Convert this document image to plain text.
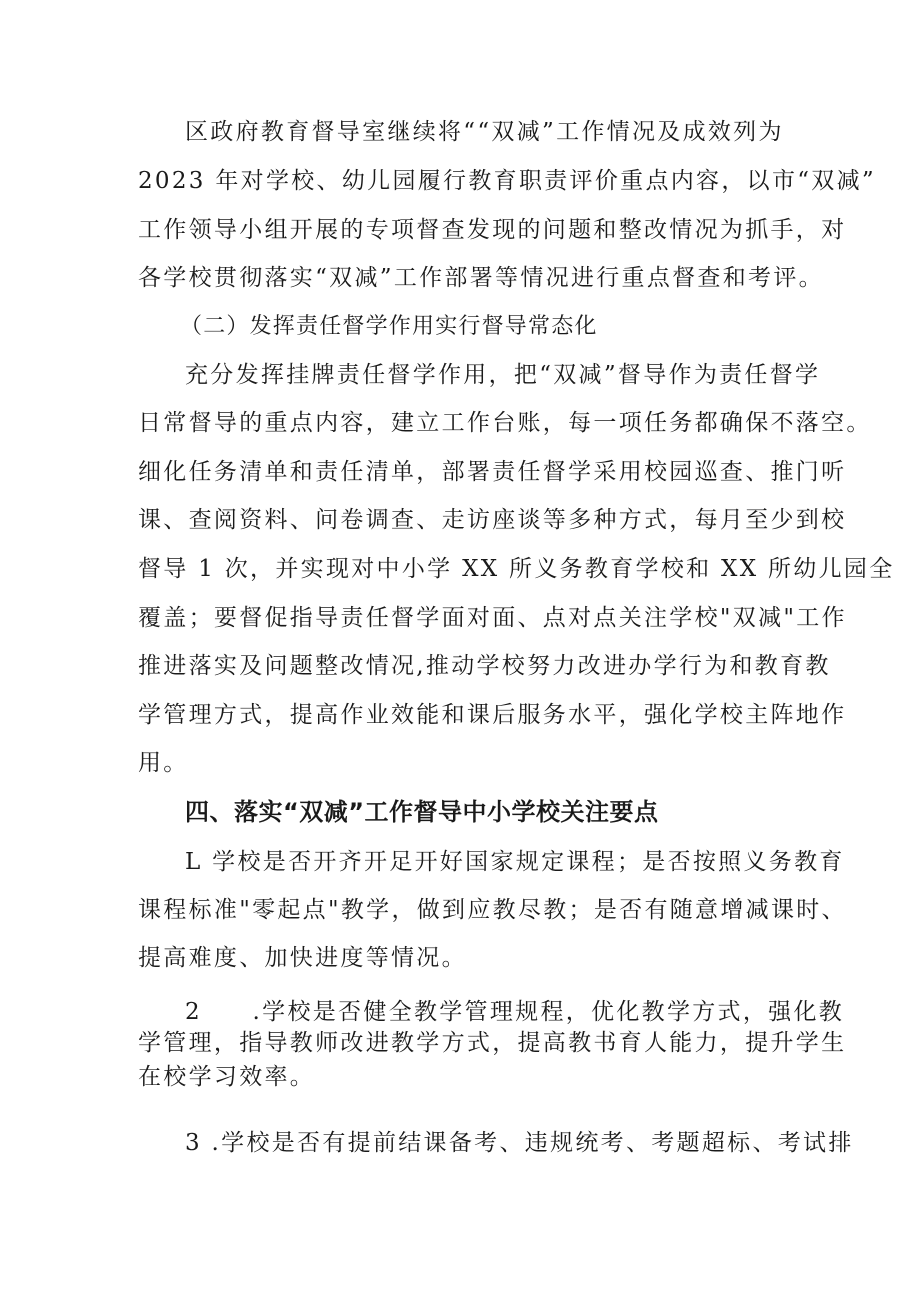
区政府教育督导室继续将““双减”工作情况及成效列为
2023 年对学校、幼儿园履行教育职责评价重点内容，以市“双减”
工作领导小组开展的专项督查发现的问题和整改情况为抓手，对
各学校贯彻落实“双减”工作部署等情况进行重点督查和考评。
（二）发挥责任督学作用实行督导常态化
充分发挥挂牌责任督学作用，把“双减”督导作为责任督学
日常督导的重点内容，建立工作台账，每一项任务都确保不落空。
细化任务清单和责任清单，部署责任督学采用校园巡查、推门听
课、查阅资料、问卷调查、走访座谈等多种方式，每月至少到校
督导 1 次，并实现对中小学 XX 所义务教育学校和 XX 所幼儿园全
覆盖；要督促指导责任督学面对面、点对点关注学校"双减"工作
推进落实及问题整改情况,推动学校努力改进办学行为和教育教
学管理方式，提高作业效能和课后服务水平，强化学校主阵地作
用。
四、落实“双减”工作督导中小学校关注要点
L 学校是否开齐开足开好国家规定课程；是否按照义务教育
课程标准"零起点"教学，做到应教尽教；是否有随意增减课时、
提高难度、加快进度等情况。
2　　.学校是否健全教学管理规程，优化教学方式，强化教
学管理，指导教师改进教学方式，提高教书育人能力，提升学生
在校学习效率。
3 .学校是否有提前结课备考、违规统考、考题超标、考试排
